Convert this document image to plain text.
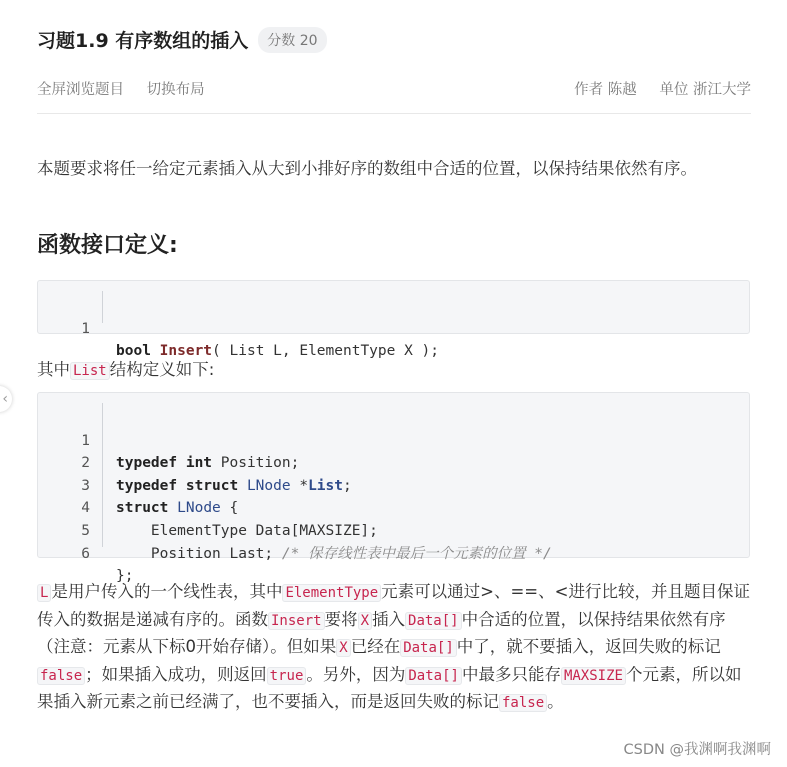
习题1.9 有序数组的插入	分数 20
全屏浏览题目 切换布局	作者 陈越 单位 浙江大学
本题要求将任一给定元素插入从大到小排好序的数组中合适的位置，以保持结果依然有序。
函数接口定义:

1

bool Insert( List L, ElementType X );

其中 List 结构定义如下:

1

typedef int Position;

2

typedef struct LNode *List;

3

struct LNode {

4

ElementType Data[MAXSIZE];

5

Position Last; /* 保存线性表中最后一个元素的位置 */

6

};

L 是用户传入的一个线性表，其中 ElementType 元素可以通过>、==、<进行比较，并且题目保证传入的数据是递减有序的。函数 Insert 要将 X 插入 Data[] 中合适的位置，以保持结果依然有序（注意：元素从下标0开始存储）。但如果 X 已经在 Data[] 中了，就不要插入，返回失败的标记false ；如果插入成功，则返回 true 。另外，因为 Data[] 中最多只能存 MAXSIZE 个元素，所以如果插入新元素之前已经满了，也不要插入，而是返回失败的标记 false 。
‹
CSDN @我渊啊我渊啊
